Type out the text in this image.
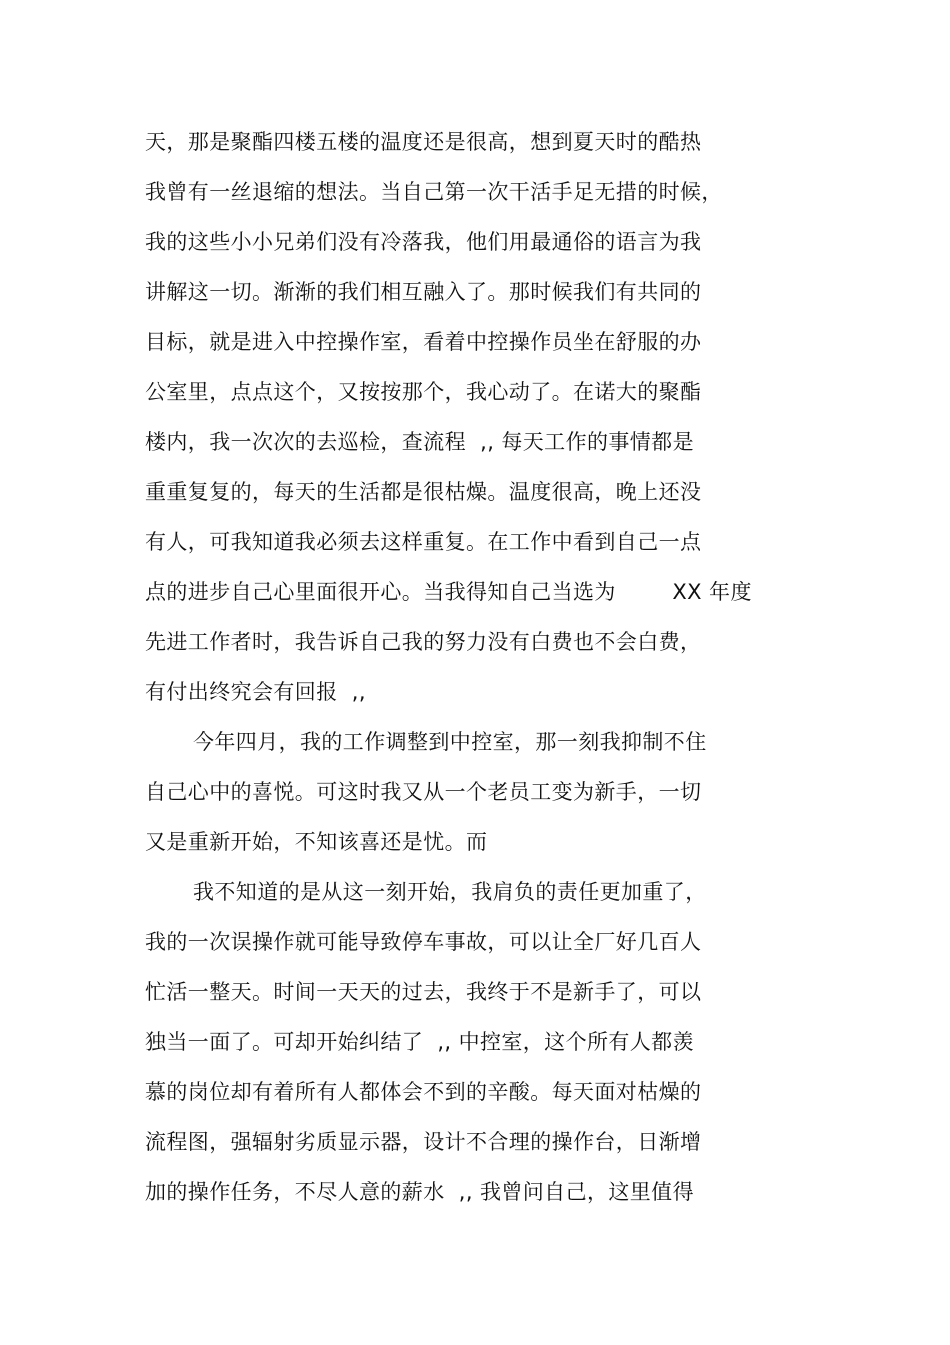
天，那是聚酯四楼五楼的温度还是很高，想到夏天时的酷热
我曾有一丝退缩的想法。当自己第一次干活手足无措的时候，
我的这些小小兄弟们没有冷落我，他们用最通俗的语言为我
讲解这一切。渐渐的我们相互融入了。那时候我们有共同的
目标，就是进入中控操作室，看着中控操作员坐在舒服的办
公室里，点点这个，又按按那个，我心动了。在诺大的聚酯
楼内，我一次次的去巡检，查流程  ,, 每天工作的事情都是
重重复复的，每天的生活都是很枯燥。温度很高，晚上还没
有人，可我知道我必须去这样重复。在工作中看到自己一点
点的进步自己心里面很开心。当我得知自己当选为        XX 年度
先进工作者时，我告诉自己我的努力没有白费也不会白费，
有付出终究会有回报  ,,
今年四月，我的工作调整到中控室，那一刻我抑制不住
自己心中的喜悦。可这时我又从一个老员工变为新手，一切
又是重新开始，不知该喜还是忧。而
我不知道的是从这一刻开始，我肩负的责任更加重了，
我的一次误操作就可能导致停车事故，可以让全厂好几百人
忙活一整天。时间一天天的过去，我终于不是新手了，可以
独当一面了。可却开始纠结了  ,, 中控室，这个所有人都羡
慕的岗位却有着所有人都体会不到的辛酸。每天面对枯燥的
流程图，强辐射劣质显示器，设计不合理的操作台，日渐增
加的操作任务，不尽人意的薪水  ,, 我曾问自己，这里值得
